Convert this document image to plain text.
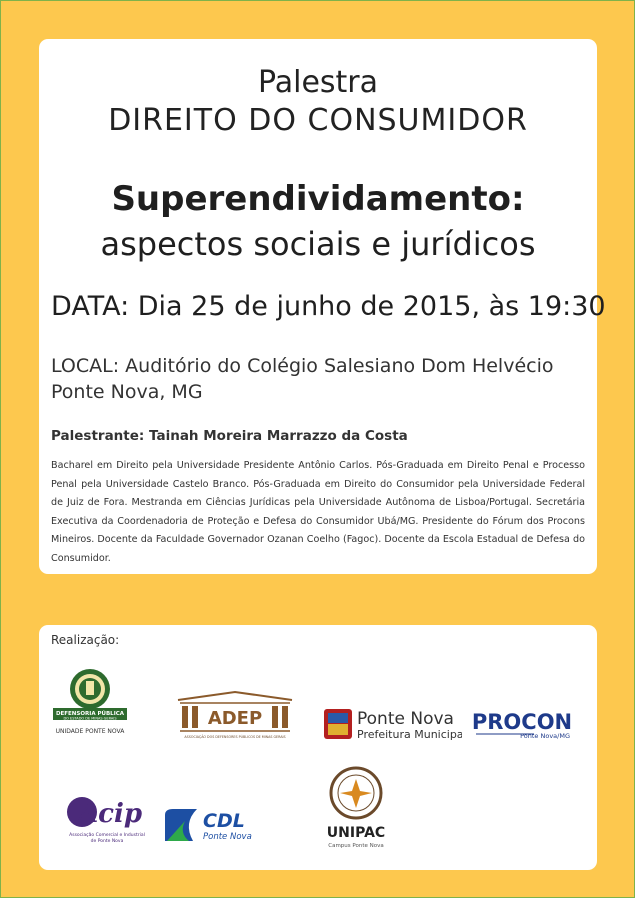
Palestra
DIREITO DO CONSUMIDOR
Superendividamento:
aspectos sociais e jurídicos
DATA: Dia 25 de junho de 2015, às 19:30
LOCAL: Auditório do Colégio Salesiano Dom Helvécio
Ponte Nova, MG
Palestrante: Tainah Moreira Marrazzo da Costa
Bacharel em Direito pela Universidade Presidente Antônio Carlos. Pós-Graduada em Direito Penal e Processo Penal pela Universidade Castelo Branco. Pós-Graduada em Direito do Consumidor pela Universidade Federal de Juiz de Fora. Mestranda em Ciências Jurídicas pela Universidade Autônoma de Lisboa/Portugal. Secretária Executiva da Coordenadoria de Proteção e Defesa do Consumidor Ubá/MG. Presidente do Fórum dos Procons Mineiros. Docente da Faculdade Governador Ozanan Coelho (Fagoc). Docente da Escola Estadual de Defesa do Consumidor.
Realização:
DEFENSORIA PÚBLICA
DO ESTADO DE MINAS GERAIS
UNIDADE PONTE NOVA
ADEP
ASSOCIAÇÃO DOS DEFENSORES PÚBLICOS DE MINAS GERAIS
Ponte Nova
Prefeitura Municipal
PROCON
Ponte Nova/MG
Acip
Associação Comercial e Industrial
de Ponte Nova
CDL
Ponte Nova	UNIPAC
Campus Ponte Nova
